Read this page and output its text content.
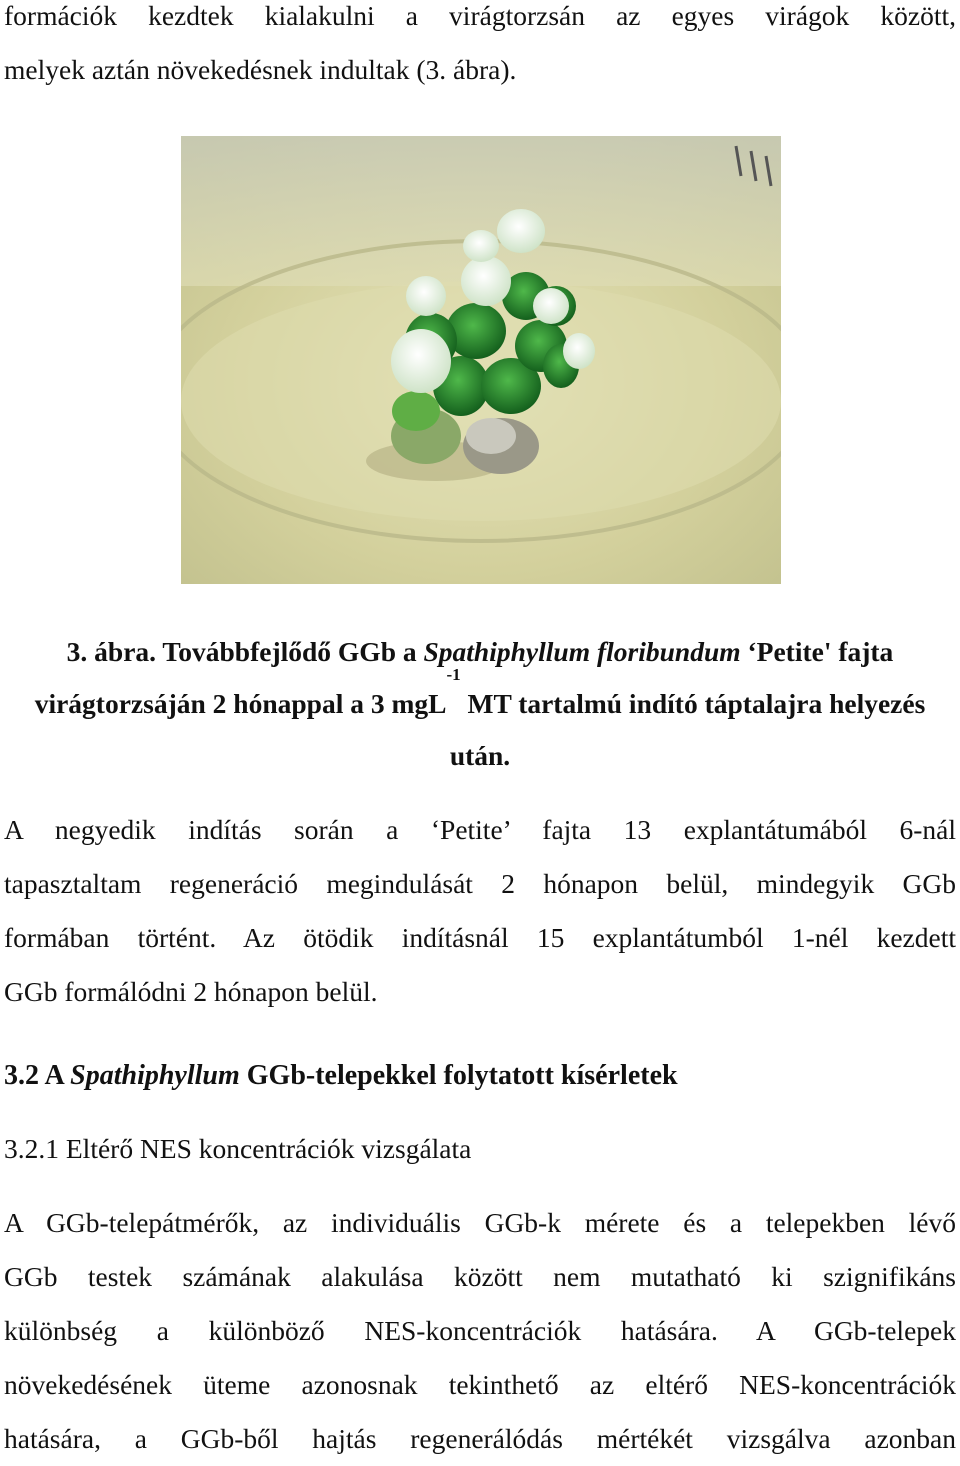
formációk kezdtek kialakulni a virágtorzsán az egyes virágok között,
melyek aztán növekedésnek indultak (3. ábra).
3. ábra. Továbbfejlődő GGb a Spathiphyllum floribundum ‘Petite' fajta
virágtorzsáján 2 hónappal a 3 mgL$^{-1}$ MT tartalmú indító táptalajra helyezés
után.
A negyedik indítás során a ‘Petite’ fajta 13 explantátumából 6-nál
tapasztaltam regeneráció megindulását 2 hónapon belül, mindegyik GGb
formában történt. Az ötödik indításnál 15 explantátumból 1-nél kezdett
GGb formálódni 2 hónapon belül.
3.2 A Spathiphyllum GGb-telepekkel folytatott kísérletek
3.2.1 Eltérő NES koncentrációk vizsgálata
A GGb-telepátmérők, az individuális GGb-k mérete és a telepekben lévő
GGb testek számának alakulása között nem mutatható ki szignifikáns
különbség a különböző NES-koncentrációk hatására. A GGb-telepek
növekedésének üteme azonosnak tekinthető az eltérő NES-koncentrációk
hatására, a GGb-ből hajtás regenerálódás mértékét vizsgálva azonban
